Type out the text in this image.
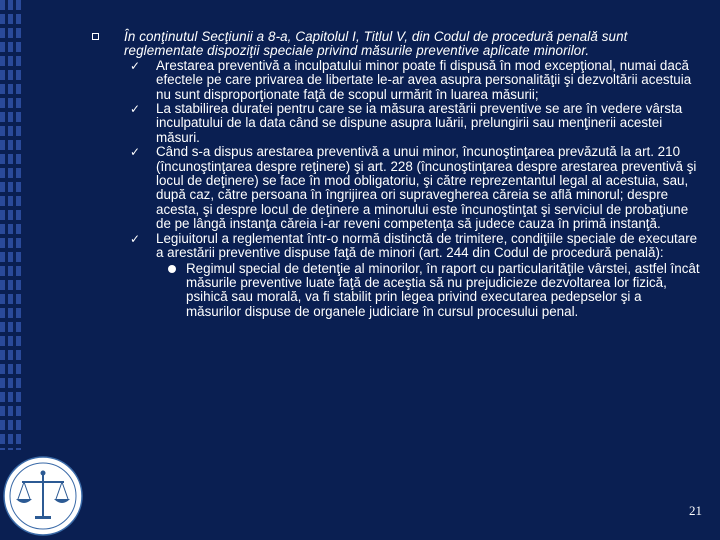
În conţinutul Secţiunii a 8-a, Capitolul I, Titlul V, din Codul de procedură penală sunt reglementate dispoziţii speciale privind măsurile preventive aplicate minorilor.
✓ Arestarea preventivă a inculpatului minor poate fi dispusă în mod excepţional, numai dacă efectele pe care privarea de libertate le-ar avea asupra personalităţii şi dezvoltării acestuia nu sunt disproporţionate faţă de scopul urmărit în luarea măsurii;
✓ La stabilirea duratei pentru care se ia măsura arestării preventive se are în vedere vârsta inculpatului de la data când se dispune asupra luării, prelungirii sau menţinerii acestei măsuri.
✓ Când s-a dispus arestarea preventivă a unui minor, încunoştinţarea prevăzută la art. 210 (încunoştinţarea despre reţinere) şi art. 228 (încunoştinţarea despre arestarea preventivă şi locul de deţinere) se face în mod obligatoriu, şi către reprezentantul legal al acestuia, sau, după caz, către persoana în îngrijirea ori supravegherea căreia se află minorul; despre acesta, şi despre locul de deţinere a minorului este încunoştinţat şi serviciul de probaţiune de pe lângă instanţa căreia i-ar reveni competenţa să judece cauza în primă instanţă.
✓ Legiuitorul a reglementat într-o normă distinctă de trimitere, condiţiile speciale de executare a arestării preventive dispuse faţă de minori (art. 244 din Codul de procedură penală):
Regimul special de detenţie al minorilor, în raport cu particularităţile vârstei, astfel încât măsurile preventive luate faţă de aceştia să nu prejudicieze dezvoltarea lor fizică, psihică sau morală, va fi stabilit prin legea privind executarea pedepselor şi a măsurilor dispuse de organele judiciare în cursul procesului penal.
21
